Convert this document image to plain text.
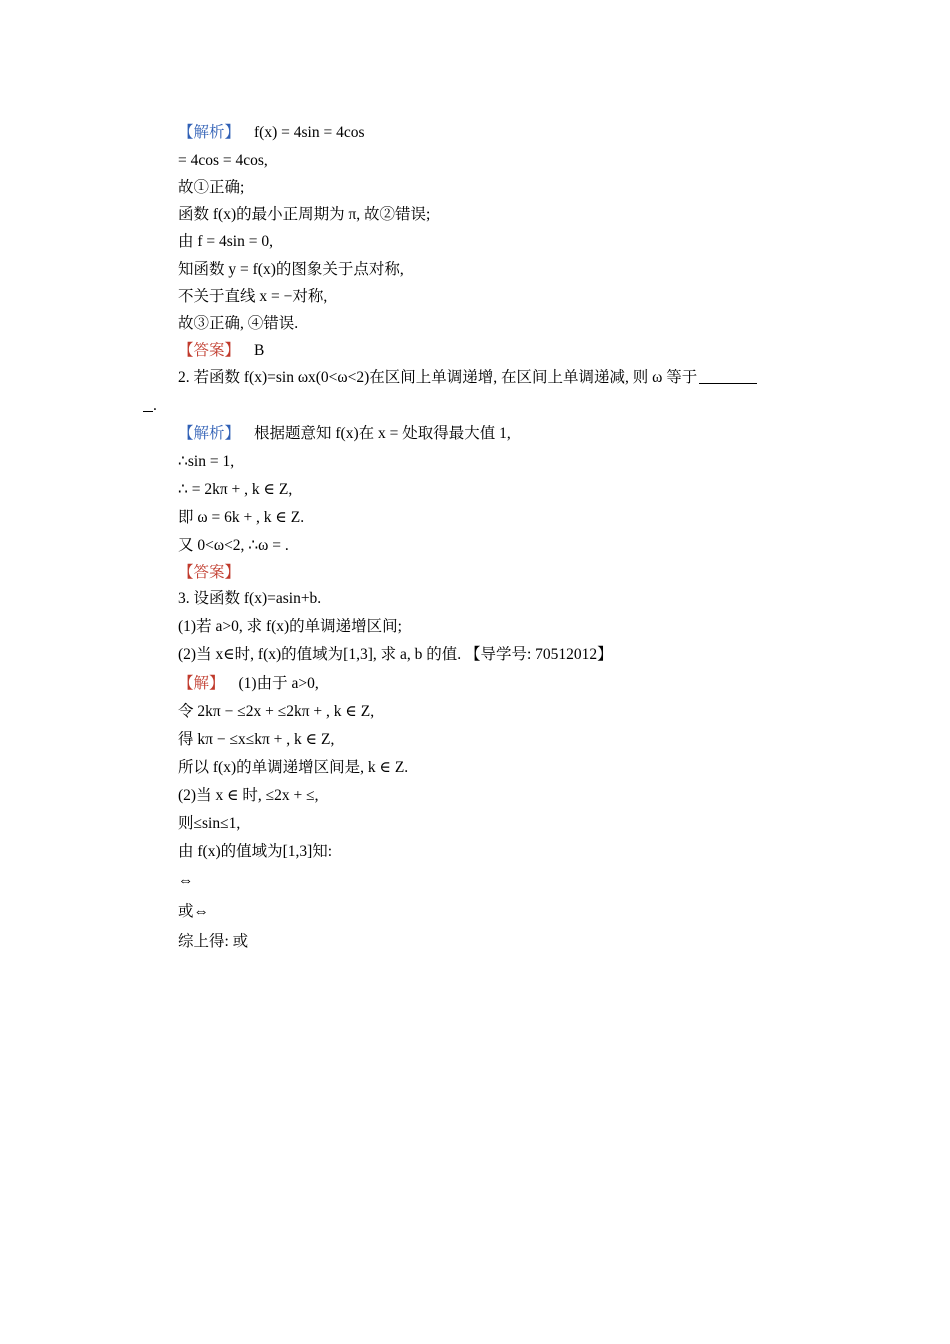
【解析】 f(x) = 4sin = 4cos
= 4cos = 4cos,
故①正确;
函数 f(x)的最小正周期为 π, 故②错误;
由 f = 4sin = 0,
知函数 y = f(x)的图象关于点对称,
不关于直线 x = −对称,
故③正确, ④错误.
【答案】 B
2. 若函数 f(x)=sin ωx(0<ω<2)在区间上单调递增, 在区间上单调递减, 则 ω 等于
.
【解析】 根据题意知 f(x)在 x = 处取得最大值 1,
∴sin = 1,
∴ = 2kπ + , k ∈ Z,
即 ω = 6k + , k ∈ Z.
又 0<ω<2, ∴ω = .
【答案】
3. 设函数 f(x)=asin+b.
(1)若 a>0, 求 f(x)的单调递增区间;
(2)当 x∈时, f(x)的值域为[1,3], 求 a, b 的值. 【导学号: 70512012】
【解】 (1)由于 a>0,
令 2kπ − ≤2x + ≤2kπ + , k ∈ Z,
得 kπ − ≤x≤kπ + , k ∈ Z,
所以 f(x)的单调递增区间是, k ∈ Z.
(2)当 x ∈ 时, ≤2x + ≤,
则≤sin≤1,
由 f(x)的值域为[1,3]知:
⇔
或⇔
综上得: 或
